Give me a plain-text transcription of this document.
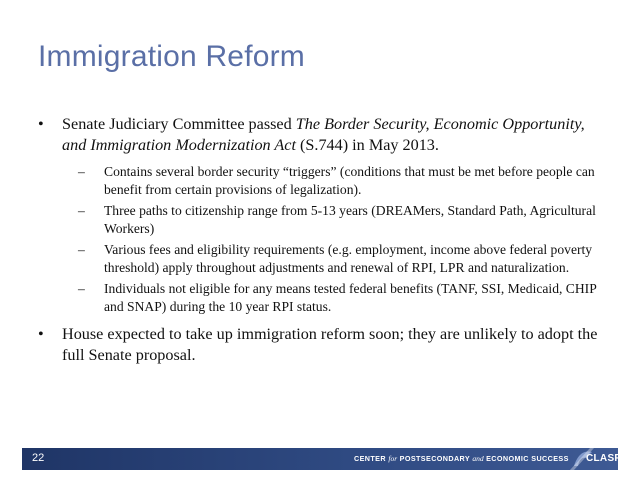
Immigration Reform
• Senate Judiciary Committee passed The Border Security, Economic Opportunity, and Immigration Modernization Act (S.744) in May 2013.
– Contains several border security “triggers” (conditions that must be met before people can benefit from certain provisions of legalization).
– Three paths to citizenship range from 5-13 years (DREAMers, Standard Path, Agricultural Workers)
– Various fees and eligibility requirements (e.g. employment, income above federal poverty threshold) apply throughout adjustments and renewal of RPI, LPR and naturalization.
– Individuals not eligible for any means tested federal benefits (TANF, SSI, Medicaid, CHIP and SNAP) during the 10 year RPI status.
• House expected to take up immigration reform soon; they are unlikely to adopt the full Senate proposal.
22	CENTER for POSTSECONDARY and ECONOMIC SUCCESS CLASP
